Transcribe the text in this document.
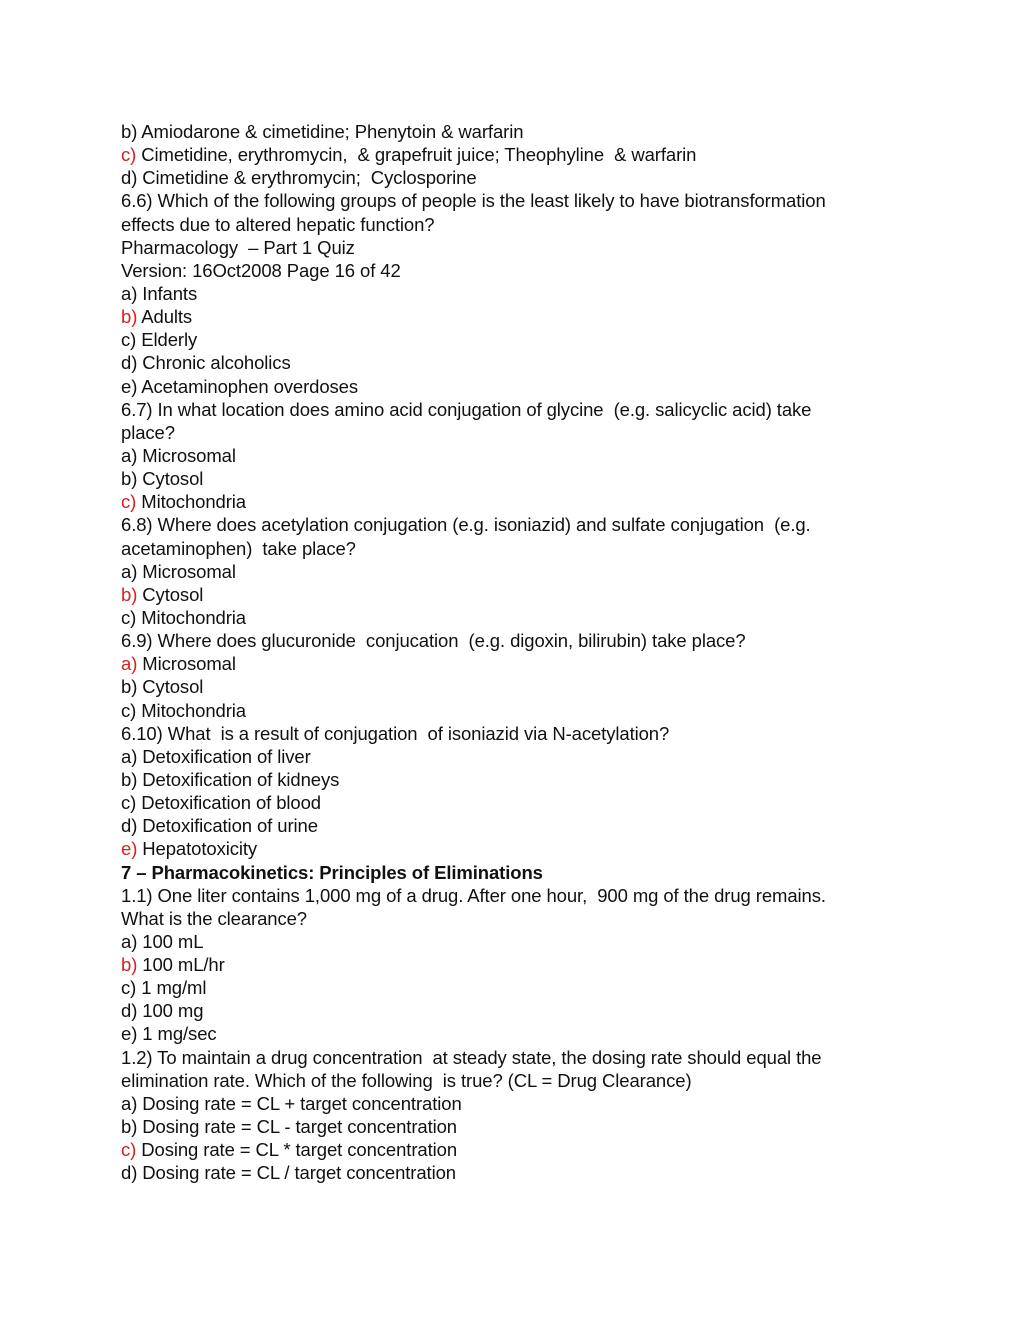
b) Amiodarone & cimetidine; Phenytoin & warfarin
c) Cimetidine, erythromycin,  & grapefruit juice; Theophyline  & warfarin
d) Cimetidine & erythromycin;  Cyclosporine
6.6) Which of the following groups of people is the least likely to have biotransformation
effects due to altered hepatic function?
Pharmacology  – Part 1 Quiz
Version: 16Oct2008 Page 16 of 42
a) Infants
b) Adults
c) Elderly
d) Chronic alcoholics
e) Acetaminophen overdoses
6.7) In what location does amino acid conjugation of glycine  (e.g. salicyclic acid) take
place?
a) Microsomal
b) Cytosol
c) Mitochondria
6.8) Where does acetylation conjugation (e.g. isoniazid) and sulfate conjugation  (e.g.
acetaminophen)  take place?
a) Microsomal
b) Cytosol
c) Mitochondria
6.9) Where does glucuronide  conjucation  (e.g. digoxin, bilirubin) take place?
a) Microsomal
b) Cytosol
c) Mitochondria
6.10) What  is a result of conjugation  of isoniazid via N-acetylation?
a) Detoxification of liver
b) Detoxification of kidneys
c) Detoxification of blood
d) Detoxification of urine
e) Hepatotoxicity
7 – Pharmacokinetics: Principles of Eliminations
1.1) One liter contains 1,000 mg of a drug. After one hour,  900 mg of the drug remains.
What is the clearance?
a) 100 mL
b) 100 mL/hr
c) 1 mg/ml
d) 100 mg
e) 1 mg/sec
1.2) To maintain a drug concentration  at steady state, the dosing rate should equal the
elimination rate. Which of the following  is true? (CL = Drug Clearance)
a) Dosing rate = CL + target concentration
b) Dosing rate = CL - target concentration
c) Dosing rate = CL * target concentration
d) Dosing rate = CL / target concentration
